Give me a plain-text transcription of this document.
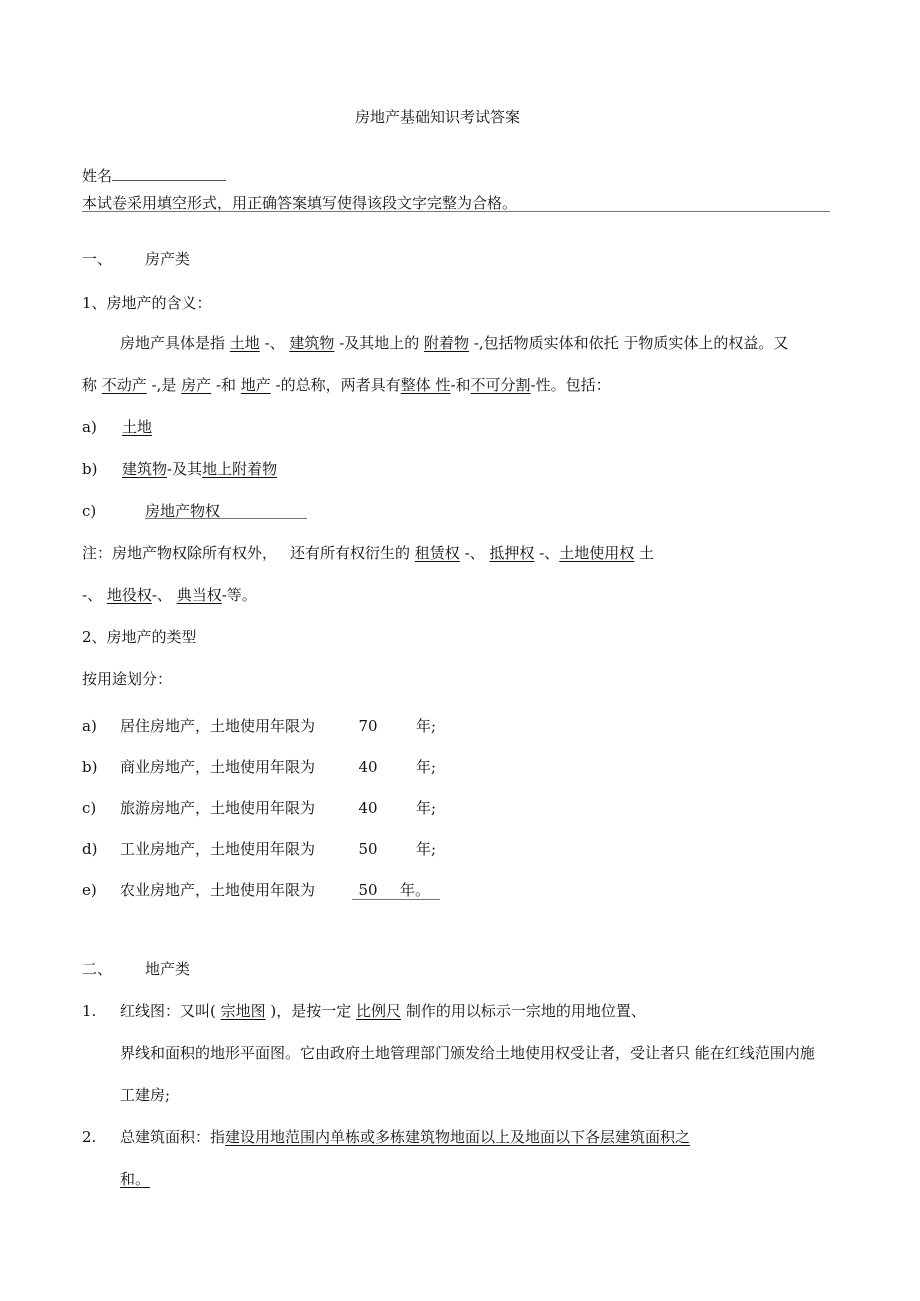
房地产基础知识考试答案
姓名
本试卷采用填空形式，用正确答案填写使得该段文字完整为合格。
一、 房产类
1、房地产的含义：
房地产具体是指 土地 -、 建筑物 -及其地上的 附着物 -,包括物质实体和依托 于物质实体上的权益。又
称 不动产 -,是 房产 -和 地产 -的总称，两者具有整体 性-和不可分割-性。包括：
a) 土地
b) 建筑物-及其地上附着物
c)	房地产物权
注：房地产物权除所有权外， 还有所有权衍生的 租赁权 -、 抵押权 -、土地使用权 土
-、 地役权-、 典当权-等。
2、房地产的类型
按用途划分：
a) 居住房地产，土地使用年限为	70	年;
b) 商业房地产，土地使用年限为	40	年;
c) 旅游房地产，土地使用年限为	40	年;
d) 工业房地产，土地使用年限为	50	年;
e) 农业房地产，土地使用年限为	50 年。
二、 地产类
1. 红线图：又叫( 宗地图 )，是按一定 比例尺 制作的用以标示一宗地的用地位置、
界线和面积的地形平面图。它由政府土地管理部门颁发给土地使用权受让者，受让者只 能在红线范围内施
工建房;
2. 总建筑面积：指建设用地范围内单栋或多栋建筑物地面以上及地面以下各层建筑面积之
和。
